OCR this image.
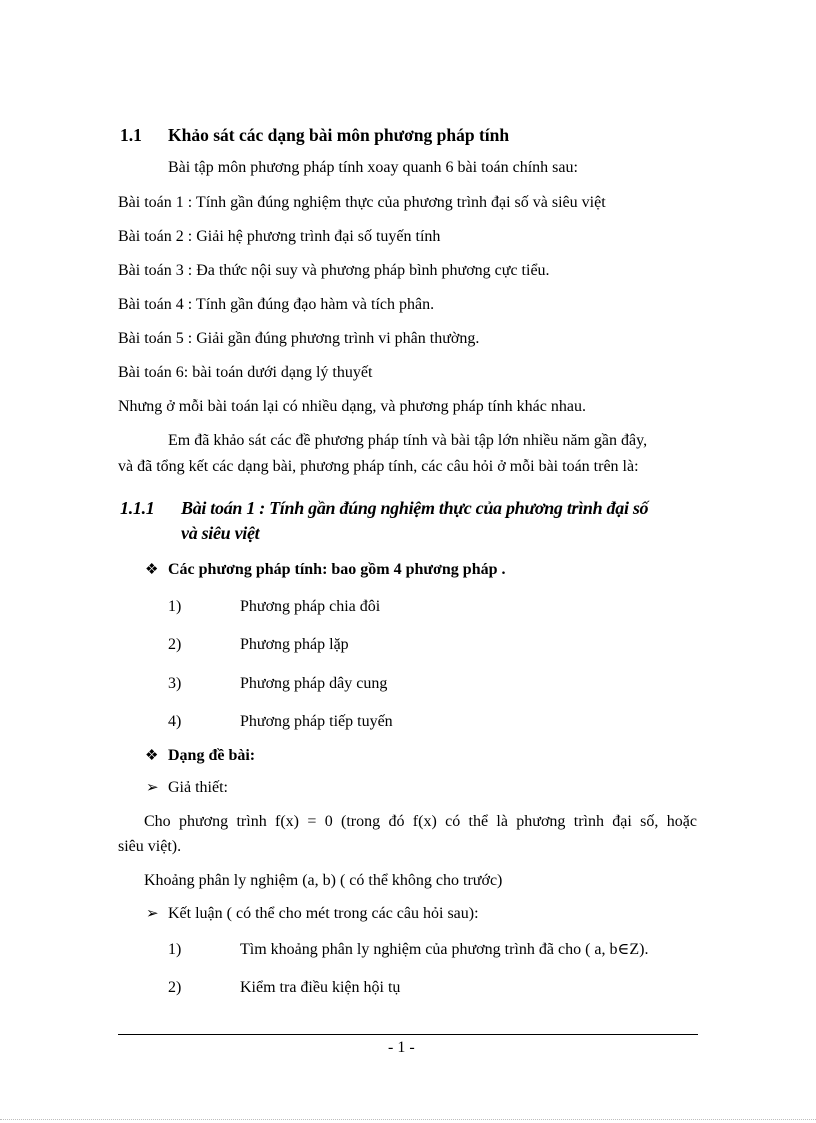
1.1 Khảo sát các dạng bài môn phương pháp tính
Bài tập môn phương pháp tính xoay quanh 6 bài toán chính sau:
Bài toán 1 : Tính gần đúng nghiệm thực của phương trình đại số và siêu việt
Bài toán 2 : Giải hệ phương trình đại số tuyến tính
Bài toán 3 : Đa thức nội suy và phương pháp bình phương cực tiểu.
Bài toán 4 : Tính gần đúng đạo hàm và tích phân.
Bài toán 5 : Giải gần đúng phương trình vi phân thường.
Bài toán 6: bài toán dưới dạng lý thuyết
Nhưng ở mỗi bài toán lại có nhiều dạng, và phương pháp tính khác nhau.
Em đã khảo sát các đề phương pháp tính và bài tập lớn nhiều năm gần đây,
và đã tổng kết các dạng bài, phương pháp tính, các câu hỏi ở mỗi bài toán trên là:
1.1.1 Bài toán 1 : Tính gần đúng nghiệm thực của phương trình đại số
và siêu việt
❖ Các phương pháp tính: bao gồm 4 phương pháp .
1)	Phương pháp chia đôi
2)	Phương pháp lặp
3)	Phương pháp dây cung
4)	Phương pháp tiếp tuyến
❖ Dạng đề bài:
➢ Giả thiết:
Cho phương trình f(x) = 0 (trong đó f(x) có thể là phương trình đại số, hoặc
siêu việt).
Khoảng phân ly nghiệm (a, b) ( có thể không cho trước)
➢ Kết luận ( có thể cho mét trong các câu hỏi sau):
1)	Tìm khoảng phân ly nghiệm của phương trình đã cho ( a, b∈Z).
2)	Kiểm tra điều kiện hội tụ
- 1 -
